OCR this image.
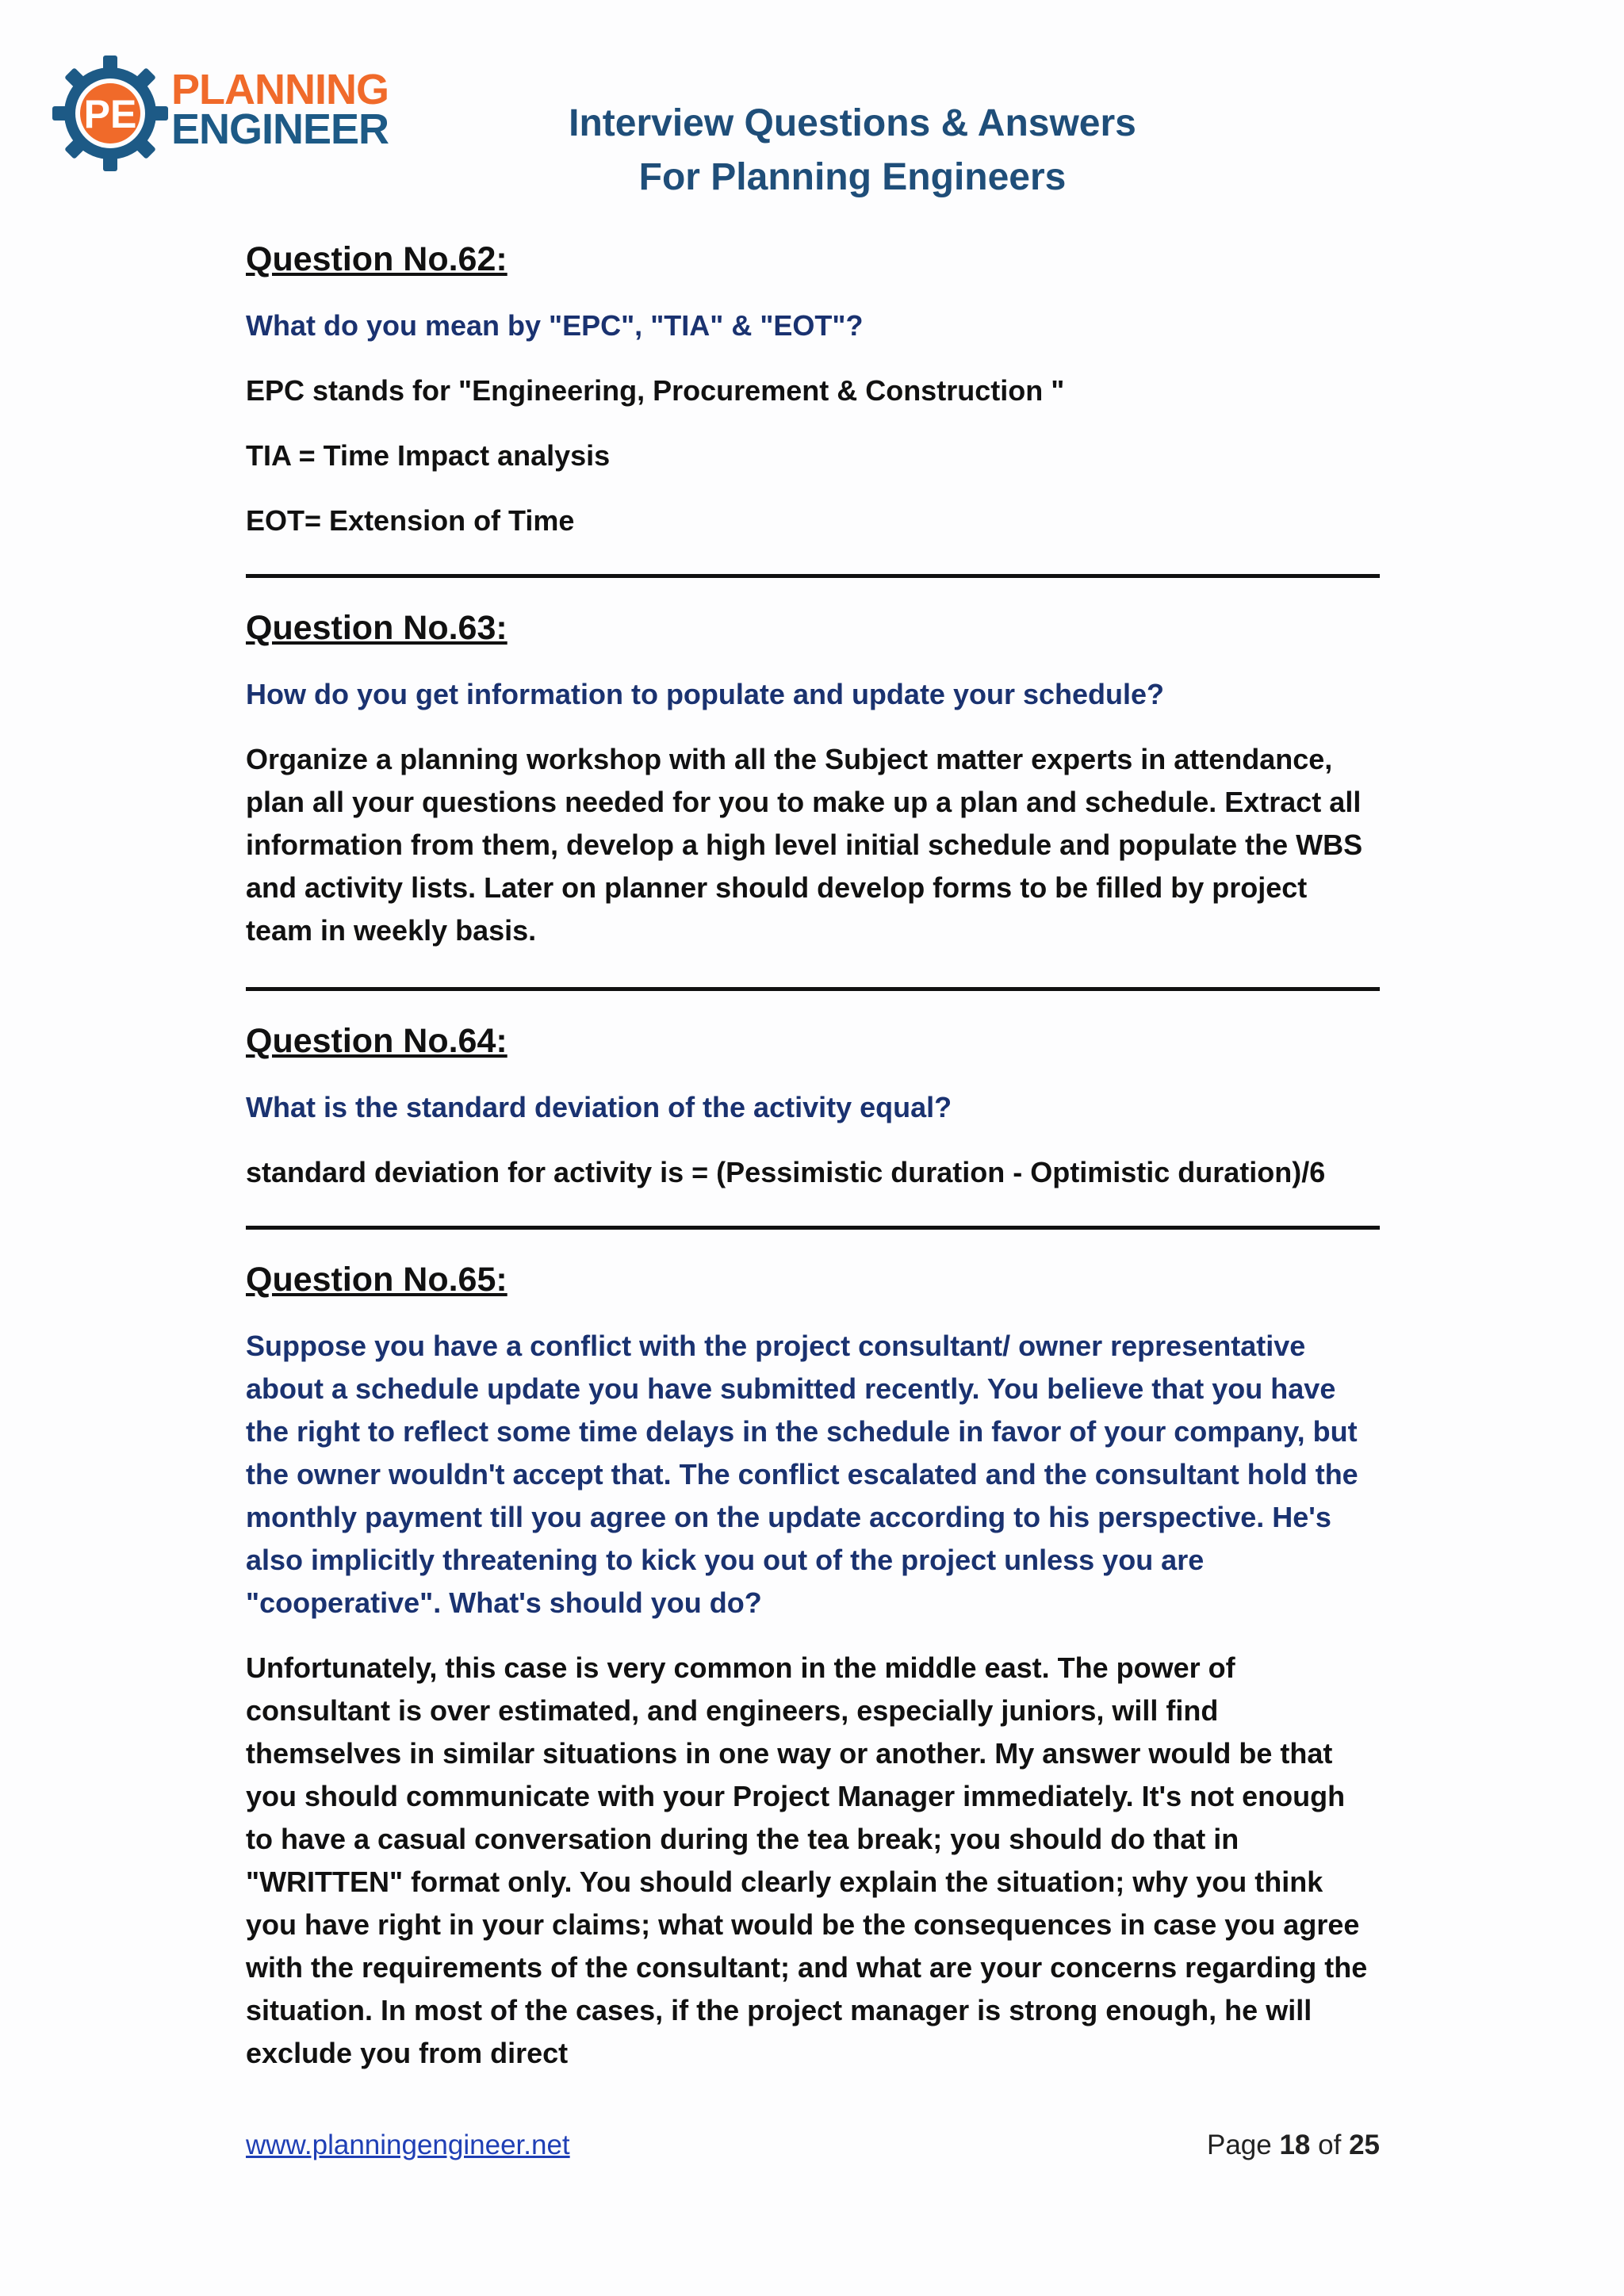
PE
PLANNING
ENGINEER	Interview Questions & Answers
For Planning Engineers
Question No.62:
What do you mean by "EPC", "TIA" & "EOT"?
EPC stands for "Engineering, Procurement & Construction "
TIA = Time Impact analysis
EOT= Extension of Time
Question No.63:
How do you get information to populate and update your schedule?
Organize a planning workshop with all the Subject matter experts in attendance, plan all your questions needed for you to make up a plan and schedule. Extract all information from them, develop a high level initial schedule and populate the WBS and activity lists. Later on planner should develop forms to be filled by project team in weekly basis.
Question No.64:
What is the standard deviation of the activity equal?
standard deviation for activity is = (Pessimistic duration - Optimistic duration)/6
Question No.65:
Suppose you have a conflict with the project consultant/ owner representative about a schedule update you have submitted recently. You believe that you have the right to reflect some time delays in the schedule in favor of your company, but the owner wouldn't accept that. The conflict escalated and the consultant hold the monthly payment till you agree on the update according to his perspective. He's also implicitly threatening to kick you out of the project unless you are "cooperative". What's should you do?
Unfortunately, this case is very common in the middle east. The power of consultant is over estimated, and engineers, especially juniors, will find themselves in similar situations in one way or another. My answer would be that you should communicate with your Project Manager immediately. It's not enough to have a casual conversation during the tea break; you should do that in "WRITTEN" format only. You should clearly explain the situation; why you think you have right in your claims; what would be the consequences in case you agree with the requirements of the consultant; and what are your concerns regarding the situation. In most of the cases, if the project manager is strong enough, he will exclude you from direct
www.planningengineer.net	Page 18 of 25
